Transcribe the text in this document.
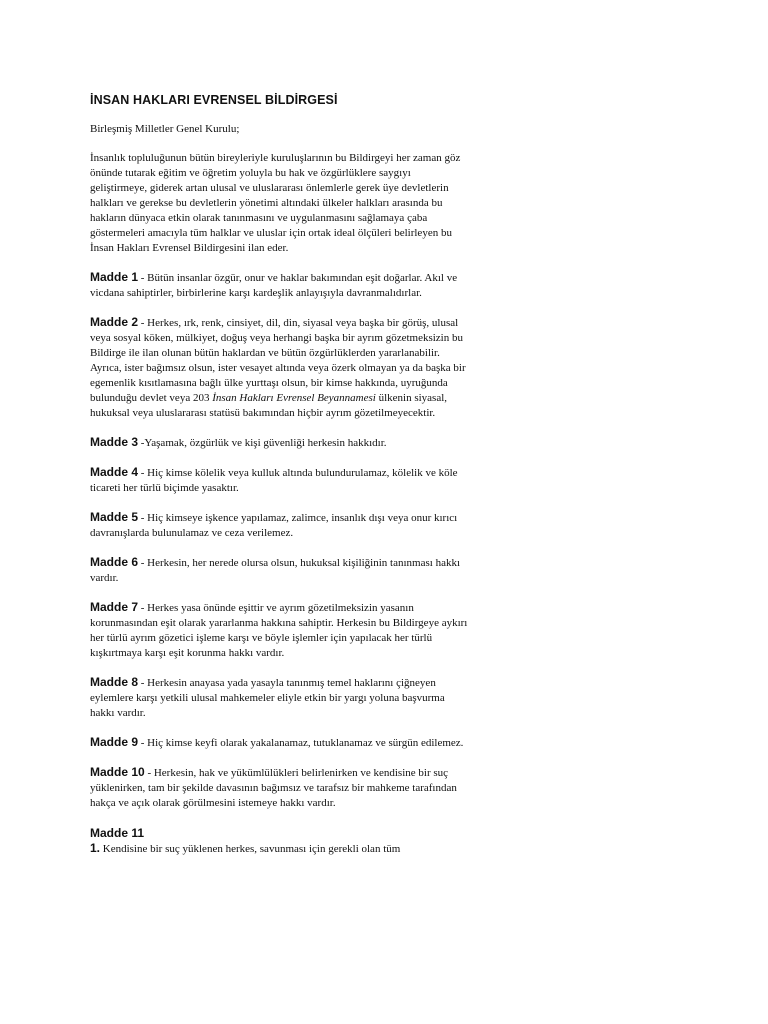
İNSAN HAKLARI EVRENSEL BİLDİRGESİ
Birleşmiş Milletler Genel Kurulu;
İnsanlık topluluğunun bütün bireyleriyle kuruluşlarının bu Bildirgeyi her zaman göz önünde tutarak eğitim ve öğretim yoluyla bu hak ve özgürlüklere saygıyı geliştirmeye, giderek artan ulusal ve uluslararası önlemlerle gerek üye devletlerin halkları ve gerekse bu devletlerin yönetimi altındaki ülkeler halkları arasında bu hakların dünyaca etkin olarak tanınmasını ve uygulanmasını sağlamaya çaba göstermeleri amacıyla tüm halklar ve uluslar için ortak ideal ölçüleri belirleyen bu İnsan Hakları Evrensel Bildirgesini ilan eder.
Madde 1 - Bütün insanlar özgür, onur ve haklar bakımından eşit doğarlar. Akıl ve vicdana sahiptirler, birbirlerine karşı kardeşlik anlayışıyla davranmalıdırlar.
Madde 2 - Herkes, ırk, renk, cinsiyet, dil, din, siyasal veya başka bir görüş, ulusal veya sosyal köken, mülkiyet, doğuş veya herhangi başka bir ayrım gözetmeksizin bu Bildirge ile ilan olunan bütün haklardan ve bütün özgürlüklerden yararlanabilir. Ayrıca, ister bağımsız olsun, ister vesayet altında veya özerk olmayan ya da başka bir egemenlik kısıtlamasına bağlı ülke yurttaşı olsun, bir kimse hakkında, uyruğunda bulunduğu devlet veya 203 İnsan Hakları Evrensel Beyannamesi ülkenin siyasal, hukuksal veya uluslararası statüsü bakımından hiçbir ayrım gözetilmeyecektir.
Madde 3 -Yaşamak, özgürlük ve kişi güvenliği herkesin hakkıdır.
Madde 4 - Hiç kimse kölelik veya kulluk altında bulundurulamaz, kölelik ve köle ticareti her türlü biçimde yasaktır.
Madde 5 - Hiç kimseye işkence yapılamaz, zalimce, insanlık dışı veya onur kırıcı davranışlarda bulunulamaz ve ceza verilemez.
Madde 6 - Herkesin, her nerede olursa olsun, hukuksal kişiliğinin tanınması hakkı vardır.
Madde 7 - Herkes yasa önünde eşittir ve ayrım gözetilmeksizin yasanın korunmasından eşit olarak yararlanma hakkına sahiptir. Herkesin bu Bildirgeye aykırı her türlü ayrım gözetici işleme karşı ve böyle işlemler için yapılacak her türlü kışkırtmaya karşı eşit korunma hakkı vardır.
Madde 8 - Herkesin anayasa yada yasayla tanınmış temel haklarını çiğneyen eylemlere karşı yetkili ulusal mahkemeler eliyle etkin bir yargı yoluna başvurma hakkı vardır.
Madde 9 - Hiç kimse keyfi olarak yakalanamaz, tutuklanamaz ve sürgün edilemez.
Madde 10 - Herkesin, hak ve yükümlülükleri belirlenirken ve kendisine bir suç yüklenirken, tam bir şekilde davasının bağımsız ve tarafsız bir mahkeme tarafından hakça ve açık olarak görülmesini istemeye hakkı vardır.
Madde 11
1. Kendisine bir suç yüklenen herkes, savunması için gerekli olan tüm
